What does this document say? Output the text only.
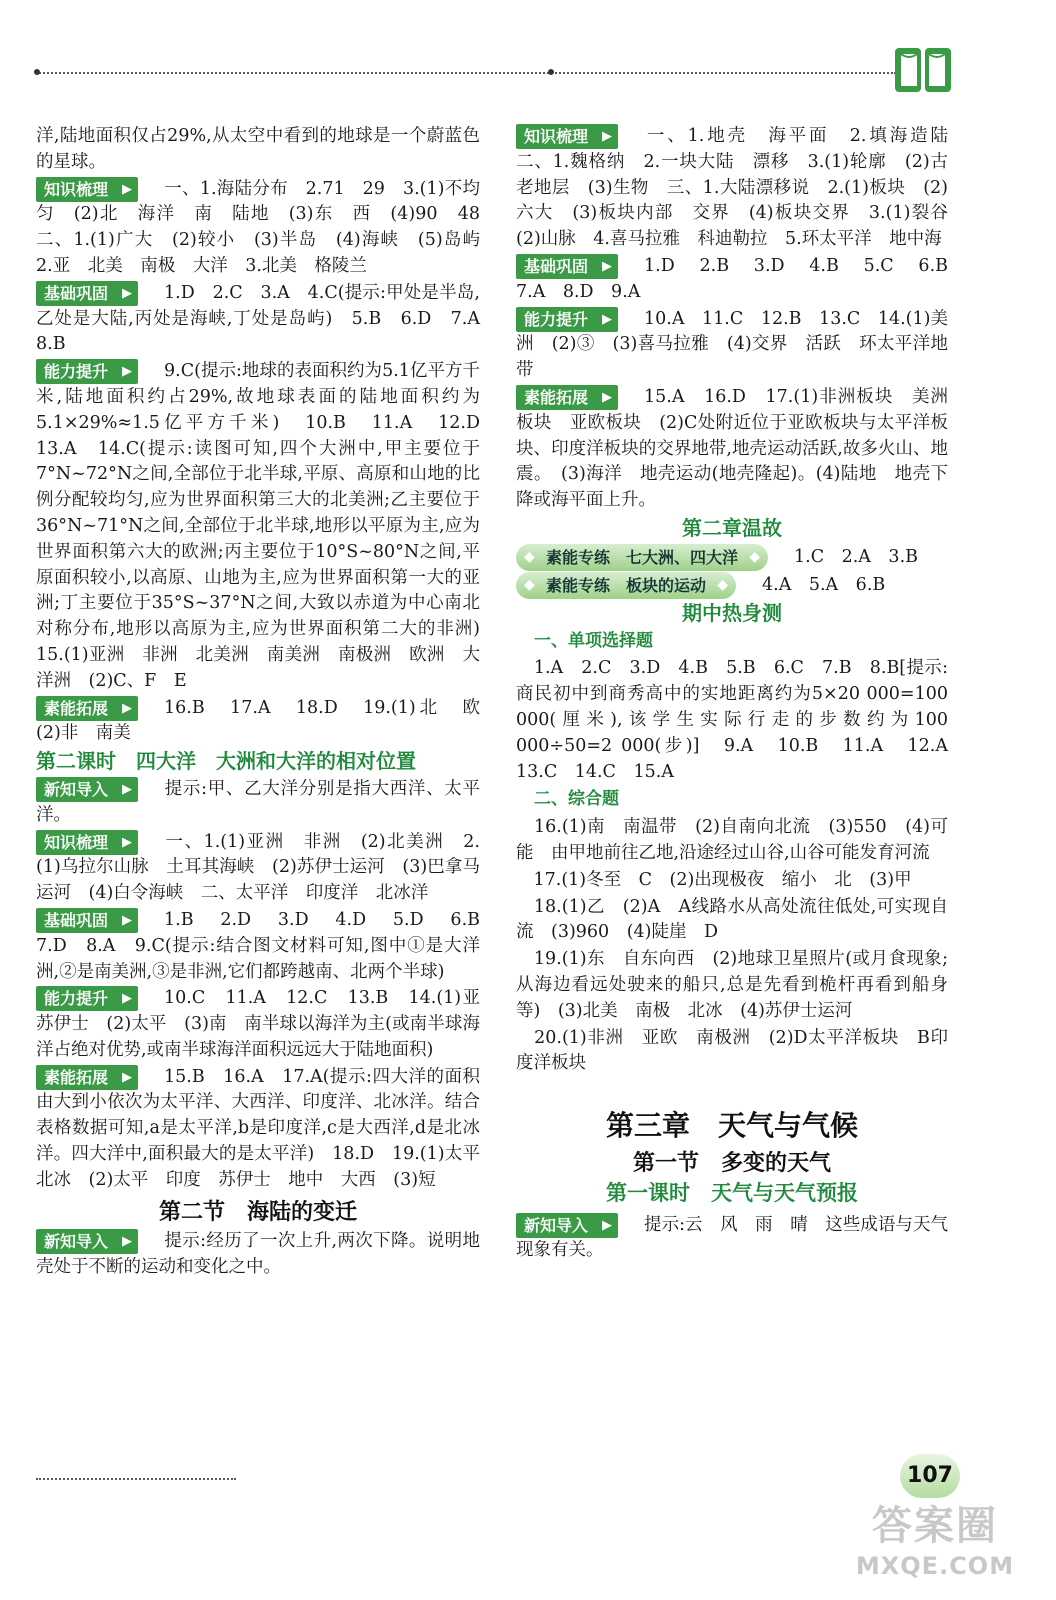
洋,陆地面积仅占29%,从太空中看到的地球是一个蔚蓝色的星球。
知识梳理 ▶	一、1.海陆分布　2.71　29　3.(1)不均匀　(2)北　海洋　南　陆地　(3)东　西　(4)90　48　二、1.(1)广大　(2)较小　(3)半岛　(4)海峡　(5)岛屿　2.亚　北美　南极　大洋　3.北美　格陵兰
基础巩固 ▶	1.D　2.C　3.A　4.C(提示:甲处是半岛,乙处是大陆,丙处是海峡,丁处是岛屿)　5.B　6.D　7.A　8.B
能力提升 ▶	9.C(提示:地球的表面积约为5.1亿平方千米,陆地面积约占29%,故地球表面的陆地面积约为5.1×29%≈1.5亿平方千米)　10.B　11.A　12.D　13.A　14.C(提示:读图可知,四个大洲中,甲主要位于7°N~72°N之间,全部位于北半球,平原、高原和山地的比例分配较均匀,应为世界面积第三大的北美洲;乙主要位于36°N~71°N之间,全部位于北半球,地形以平原为主,应为世界面积第六大的欧洲;丙主要位于10°S~80°N之间,平原面积较小,以高原、山地为主,应为世界面积第一大的亚洲;丁主要位于35°S~37°N之间,大致以赤道为中心南北对称分布,地形以高原为主,应为世界面积第二大的非洲)　15.(1)亚洲　非洲　北美洲　南美洲　南极洲　欧洲　大洋洲　(2)C、F　E
素能拓展 ▶	16.B　17.A　18.D　19.(1)北　欧　(2)非　南美
第二课时　四大洋　大洲和大洋的相对位置
新知导入 ▶	提示:甲、乙大洋分别是指大西洋、太平洋。
知识梳理 ▶	一、1.(1)亚洲　非洲　(2)北美洲　2.(1)乌拉尔山脉　土耳其海峡　(2)苏伊士运河　(3)巴拿马运河　(4)白令海峡　二、太平洋　印度洋　北冰洋
基础巩固 ▶	1.B　2.D　3.D　4.D　5.D　6.B　7.D　8.A　9.C(提示:结合图文材料可知,图中①是大洋洲,②是南美洲,③是非洲,它们都跨越南、北两个半球)
能力提升 ▶	10.C　11.A　12.C　13.B　14.(1)亚　苏伊士　(2)太平　(3)南　南半球以海洋为主(或南半球海洋占绝对优势,或南半球海洋面积远远大于陆地面积)
素能拓展 ▶	15.B　16.A　17.A(提示:四大洋的面积由大到小依次为太平洋、大西洋、印度洋、北冰洋。结合表格数据可知,a是太平洋,b是印度洋,c是大西洋,d是北冰洋。四大洋中,面积最大的是太平洋)　18.D　19.(1)太平　北冰　(2)太平　印度　苏伊士　地中　大西　(3)短
第二节　海陆的变迁
新知导入 ▶	提示:经历了一次上升,两次下降。说明地壳处于不断的运动和变化之中。
知识梳理 ▶	一、1.地壳　海平面　2.填海造陆　二、1.魏格纳　2.一块大陆　漂移　3.(1)轮廓　(2)古老地层　(3)生物　三、1.大陆漂移说　2.(1)板块　(2)六大　(3)板块内部　交界　(4)板块交界　3.(1)裂谷　(2)山脉　4.喜马拉雅　科迪勒拉　5.环太平洋　地中海
基础巩固 ▶	1.D　2.B　3.D　4.B　5.C　6.B　7.A　8.D　9.A
能力提升 ▶	10.A　11.C　12.B　13.C　14.(1)美洲　(2)③　(3)喜马拉雅　(4)交界　活跃　环太平洋地带
素能拓展 ▶	15.A　16.D　17.(1)非洲板块　美洲板块　亚欧板块　(2)C处附近位于亚欧板块与太平洋板块、印度洋板块的交界地带,地壳运动活跃,故多火山、地震。　(3)海洋　地壳运动(地壳隆起)。(4)陆地　地壳下降或海平面上升。
第二章温故
◆ 素能专练　七大洲、四大洋 ◆	1.C　2.A　3.B
◆ 素能专练　板块的运动 ◆	4.A　5.A　6.B
期中热身测
一、单项选择题
　1.A　2.C　3.D　4.B　5.B　6.C　7.B　8.B[提示:商民初中到商秀高中的实地距离约为5×20 000=100 000(厘米),该学生实际行走的步数约为100 000÷50=2 000(步)]　9.A　10.B　11.A　12.A　13.C　14.C　15.A
二、综合题
　16.(1)南　南温带　(2)自南向北流　(3)550　(4)可能　由甲地前往乙地,沿途经过山谷,山谷可能发育河流
　17.(1)冬至　C　(2)出现极夜　缩小　北　(3)甲
　18.(1)乙　(2)A　A线路水从高处流往低处,可实现自流　(3)960　(4)陡崖　D
　19.(1)东　自东向西　(2)地球卫星照片(或月食现象;从海边看远处驶来的船只,总是先看到桅杆再看到船身等)　(3)北美　南极　北冰　(4)苏伊士运河
　20.(1)非洲　亚欧　南极洲　(2)D太平洋板块　B印度洋板块
第三章　天气与气候
第一节　多变的天气
第一课时　天气与天气预报
新知导入 ▶	提示:云　风　雨　晴　这些成语与天气现象有关。
107
答案圈
MXQE.COM
